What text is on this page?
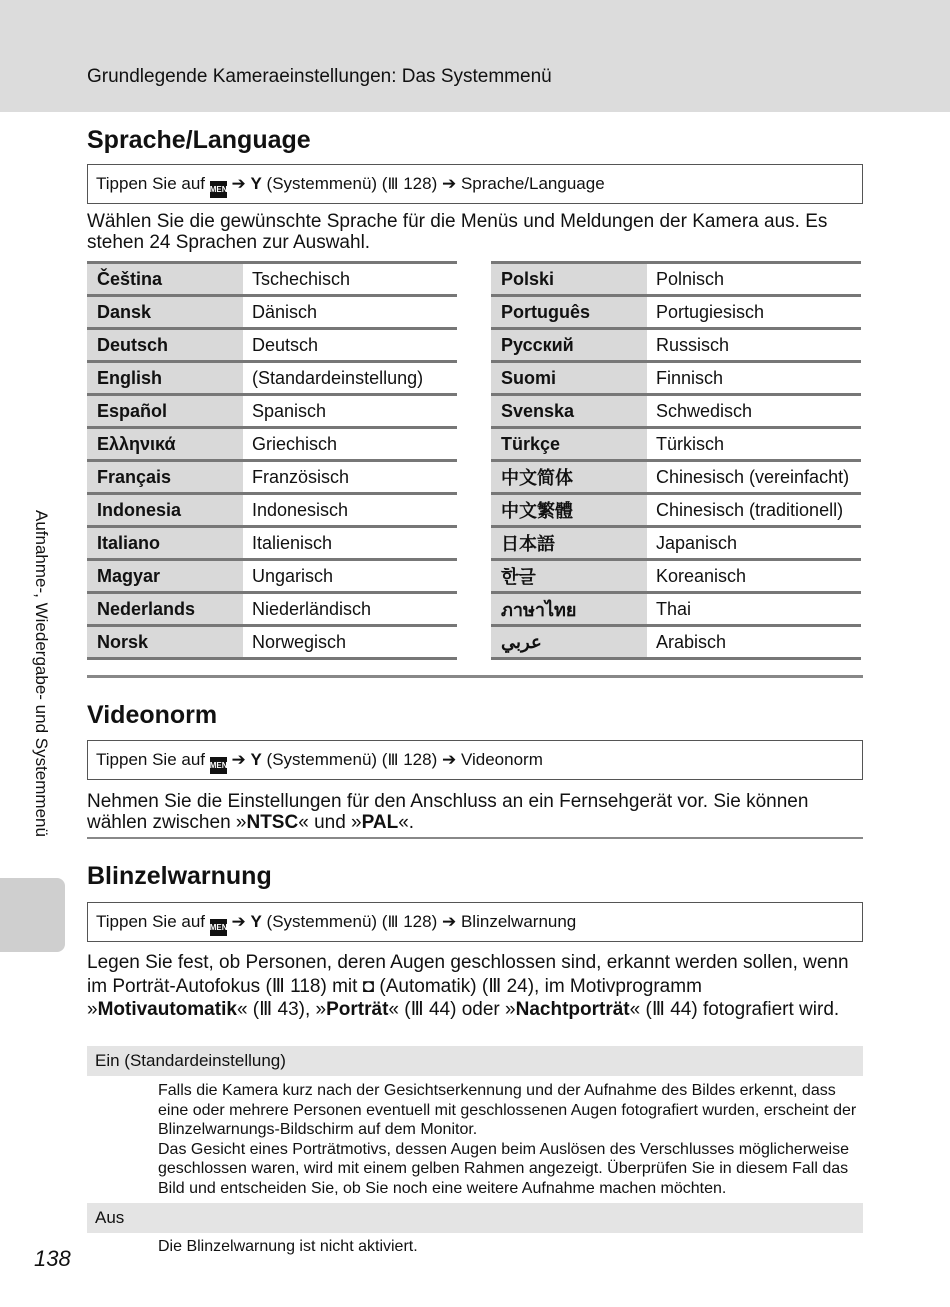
Grundlegende Kameraeinstellungen: Das Systemmenü
Aufnahme-, Wiedergabe- und Systemmenü
Sprache/Language
Tippen Sie auf MENU ➔ Y (Systemmenü) (Ⅲ 128) ➔ Sprache/Language
Wählen Sie die gewünschte Sprache für die Menüs und Meldungen der Kamera aus. Es stehen 24 Sprachen zur Auswahl.
Čeština	Tschechisch
Dansk	Dänisch
Deutsch	Deutsch
English	(Standardeinstellung)
Español	Spanisch
Ελληνικά	Griechisch
Français	Französisch
Indonesia	Indonesisch
Italiano	Italienisch
Magyar	Ungarisch
Nederlands	Niederländisch
Norsk	Norwegisch
Polski	Polnisch
Português	Portugiesisch
Русский	Russisch
Suomi	Finnisch
Svenska	Schwedisch
Türkçe	Türkisch
中文简体	Chinesisch (vereinfacht)
中文繁體	Chinesisch (traditionell)
日本語	Japanisch
한글	Koreanisch
ภาษาไทย	Thai
عربي	Arabisch
Videonorm
Tippen Sie auf MENU ➔ Y (Systemmenü) (Ⅲ 128) ➔ Videonorm
Nehmen Sie die Einstellungen für den Anschluss an ein Fernsehgerät vor. Sie können wählen zwischen »NTSC« und »PAL«.
Blinzelwarnung
Tippen Sie auf MENU ➔ Y (Systemmenü) (Ⅲ 128) ➔ Blinzelwarnung
Legen Sie fest, ob Personen, deren Augen geschlossen sind, erkannt werden sollen, wenn im Porträt-Autofokus (Ⅲ 118) mit ◘ (Automatik) (Ⅲ 24), im Motivprogramm »Motivautomatik« (Ⅲ 43), »Porträt« (Ⅲ 44) oder »Nachtporträt« (Ⅲ 44) fotografiert wird.
Ein (Standardeinstellung)
Falls die Kamera kurz nach der Gesichtserkennung und der Aufnahme des Bildes erkennt, dass eine oder mehrere Personen eventuell mit geschlossenen Augen fotografiert wurden, erscheint der Blinzelwarnungs-Bildschirm auf dem Monitor.
Das Gesicht eines Porträtmotivs, dessen Augen beim Auslösen des Verschlusses möglicherweise geschlossen waren, wird mit einem gelben Rahmen angezeigt. Überprüfen Sie in diesem Fall das Bild und entscheiden Sie, ob Sie noch eine weitere Aufnahme machen möchten.
Aus
Die Blinzelwarnung ist nicht aktiviert.
138
